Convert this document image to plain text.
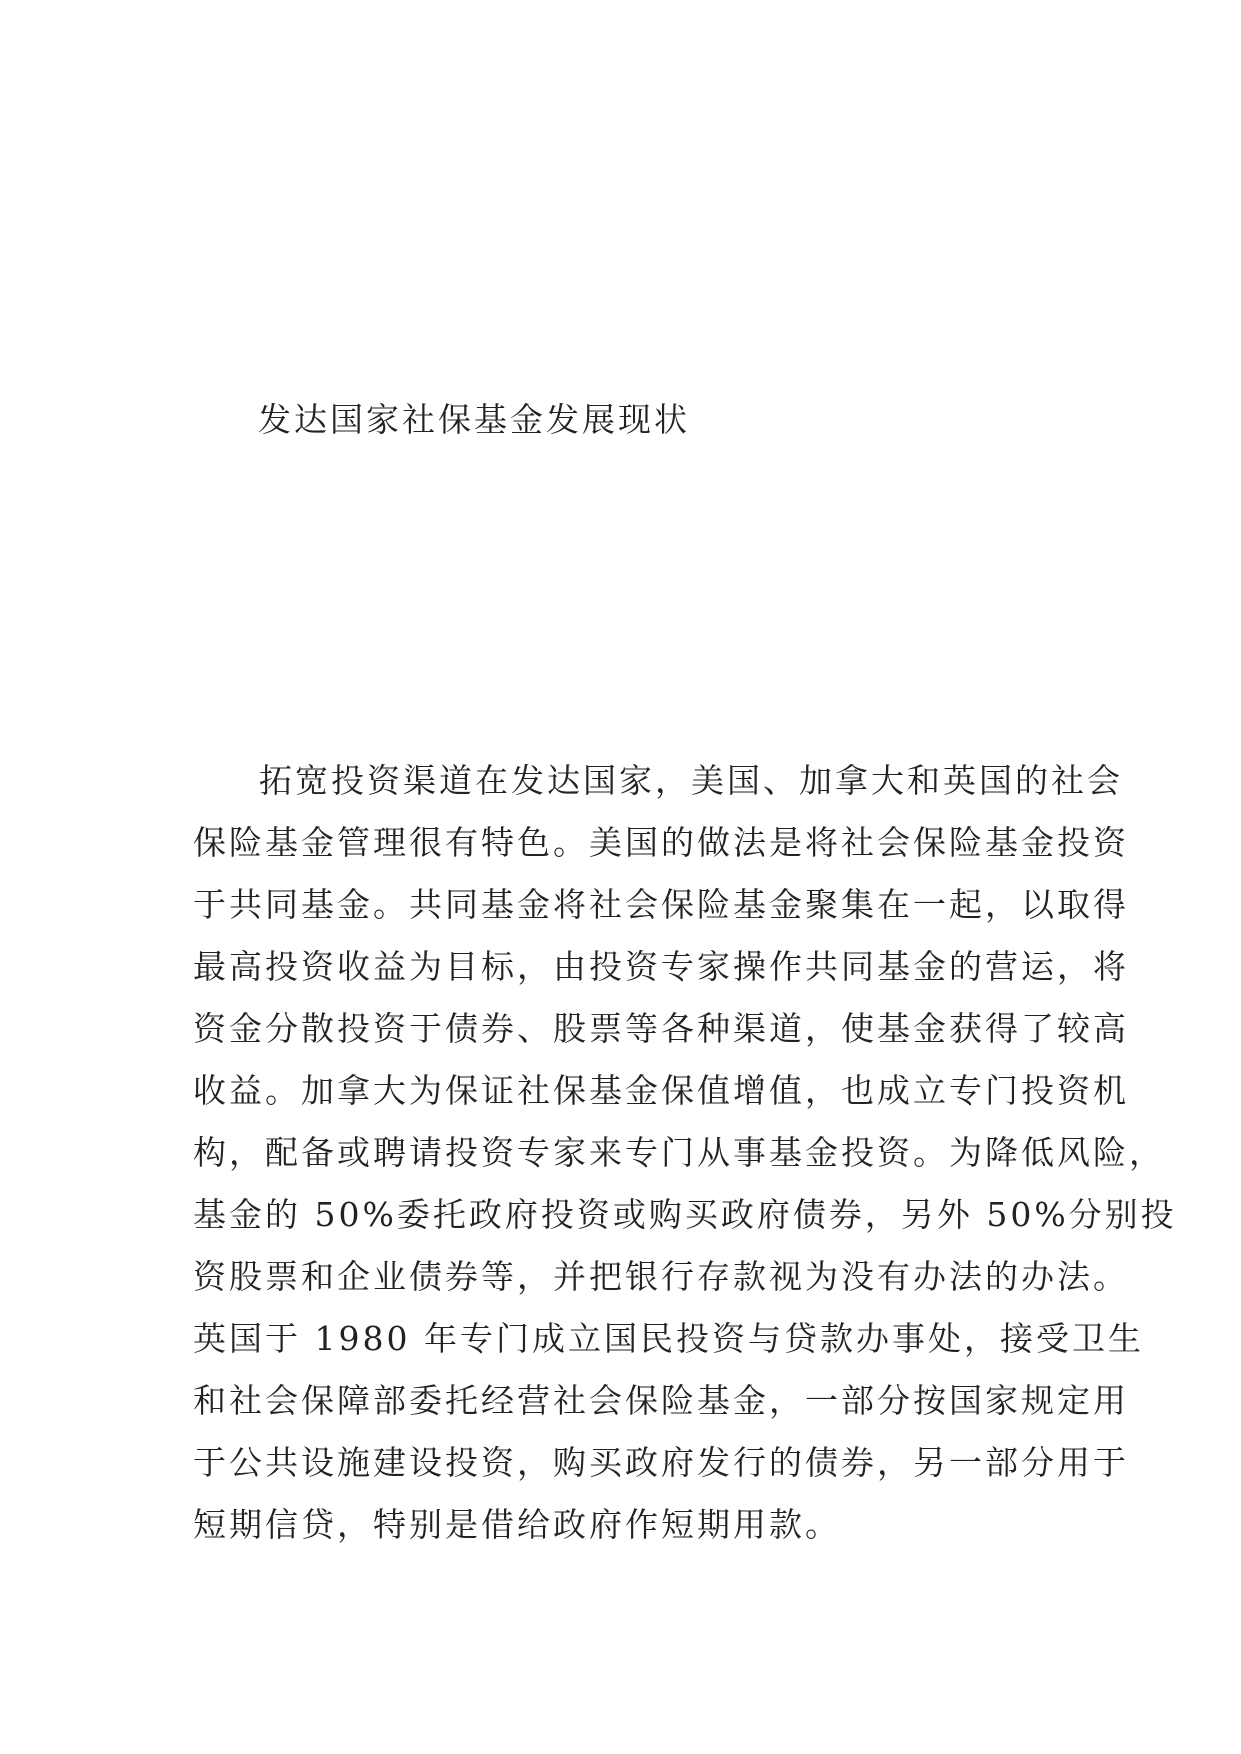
发达国家社保基金发展现状
拓宽投资渠道在发达国家，美国、加拿大和英国的社会
保险基金管理很有特色。美国的做法是将社会保险基金投资
于共同基金。共同基金将社会保险基金聚集在一起，以取得
最高投资收益为目标，由投资专家操作共同基金的营运，将
资金分散投资于债券、股票等各种渠道，使基金获得了较高
收益。加拿大为保证社保基金保值增值，也成立专门投资机
构，配备或聘请投资专家来专门从事基金投资。为降低风险，
基金的 50%委托政府投资或购买政府债券，另外 50%分别投
资股票和企业债券等，并把银行存款视为没有办法的办法。
英国于 1980 年专门成立国民投资与贷款办事处，接受卫生
和社会保障部委托经营社会保险基金，一部分按国家规定用
于公共设施建设投资，购买政府发行的债券，另一部分用于
短期信贷，特别是借给政府作短期用款。
